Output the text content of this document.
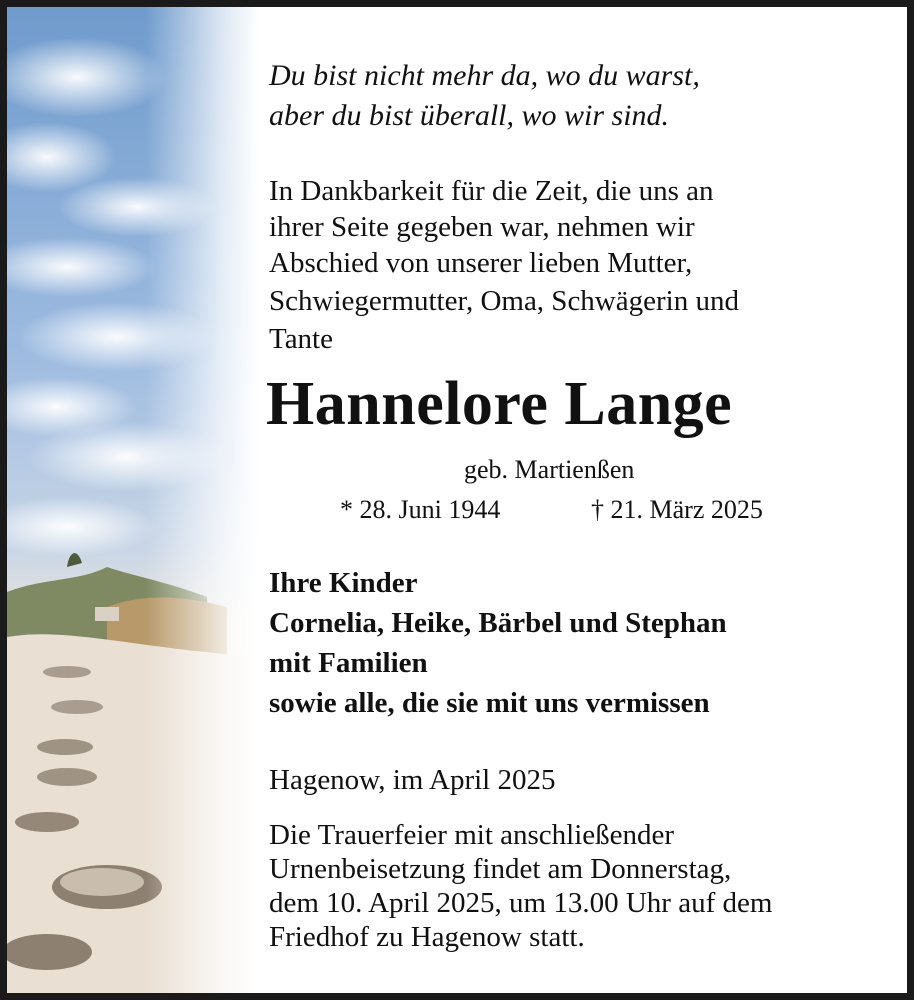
Du bist nicht mehr da, wo du warst,
aber du bist überall, wo wir sind.
In Dankbarkeit für die Zeit, die uns an
ihrer Seite gegeben war, nehmen wir
Abschied von unserer lieben Mutter,
Schwiegermutter, Oma, Schwägerin und
Tante
Hannelore Lange
geb. Martienßen
* 28. Juni 1944	† 21. März 2025
Ihre Kinder
Cornelia, Heike, Bärbel und Stephan
mit Familien
sowie alle, die sie mit uns vermissen
Hagenow, im April 2025
Die Trauerfeier mit anschließender
Urnenbeisetzung findet am Donnerstag,
dem 10. April 2025, um 13.00 Uhr auf dem
Friedhof zu Hagenow statt.
